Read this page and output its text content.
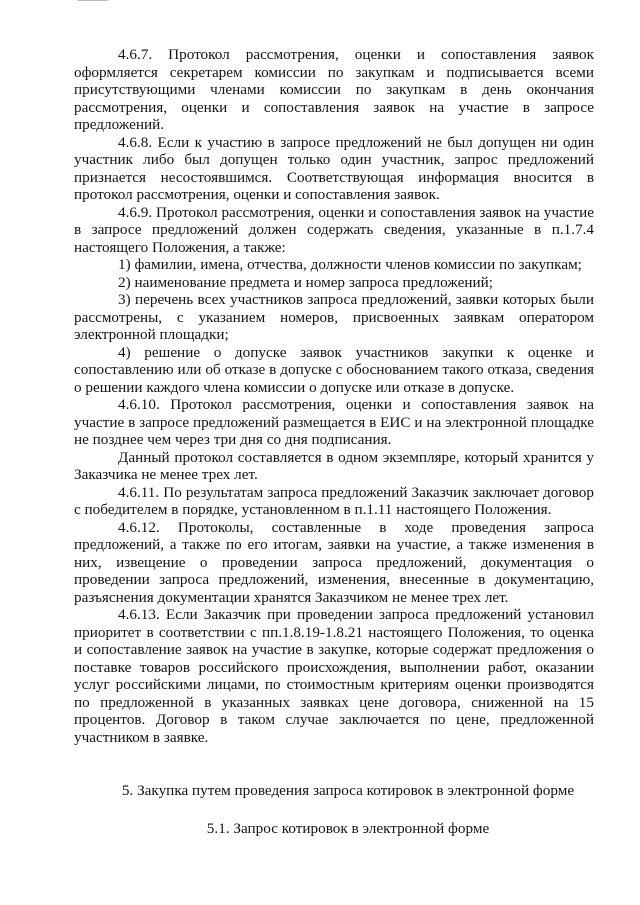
4.6.7. Протокол рассмотрения, оценки и сопоставления заявок оформляется секретарем комиссии по закупкам и подписывается всеми присутствующими членами комиссии по закупкам в день окончания рассмотрения, оценки и сопоставления заявок на участие в запросе предложений.

4.6.8. Если к участию в запросе предложений не был допущен ни один участник либо был допущен только один участник, запрос предложений признается несостоявшимся. Соответствующая информация вносится в протокол рассмотрения, оценки и сопоставления заявок.

4.6.9. Протокол рассмотрения, оценки и сопоставления заявок на участие в запросе предложений должен содержать сведения, указанные в п.1.7.4 настоящего Положения, а также:

1) фамилии, имена, отчества, должности членов комиссии по закупкам;

2) наименование предмета и номер запроса предложений;

3) перечень всех участников запроса предложений, заявки которых были рассмотрены, с указанием номеров, присвоенных заявкам оператором электронной площадки;

4) решение о допуске заявок участников закупки к оценке и сопоставлению или об отказе в допуске с обоснованием такого отказа, сведения о решении каждого члена комиссии о допуске или отказе в допуске.

4.6.10. Протокол рассмотрения, оценки и сопоставления заявок на участие в запросе предложений размещается в ЕИС и на электронной площадке не позднее чем через три дня со дня подписания.

Данный протокол составляется в одном экземпляре, который хранится у Заказчика не менее трех лет.

4.6.11. По результатам запроса предложений Заказчик заключает договор с победителем в порядке, установленном в п.1.11 настоящего Положения.

4.6.12. Протоколы, составленные в ходе проведения запроса предложений, а также по его итогам, заявки на участие, а также изменения в них, извещение о проведении запроса предложений, документация о проведении запроса предложений, изменения, внесенные в документацию, разъяснения документации хранятся Заказчиком не менее трех лет.

4.6.13. Если Заказчик при проведении запроса предложений установил приоритет в соответствии с пп.1.8.19-1.8.21 настоящего Положения, то оценка и сопоставление заявок на участие в закупке, которые содержат предложения о поставке товаров российского происхождения, выполнении работ, оказании услуг российскими лицами, по стоимостным критериям оценки производятся по предложенной в указанных заявках цене договора, сниженной на 15 процентов. Договор в таком случае заключается по цене, предложенной участником в заявке.

5. Закупка путем проведения запроса котировок в электронной форме

5.1. Запрос котировок в электронной форме
